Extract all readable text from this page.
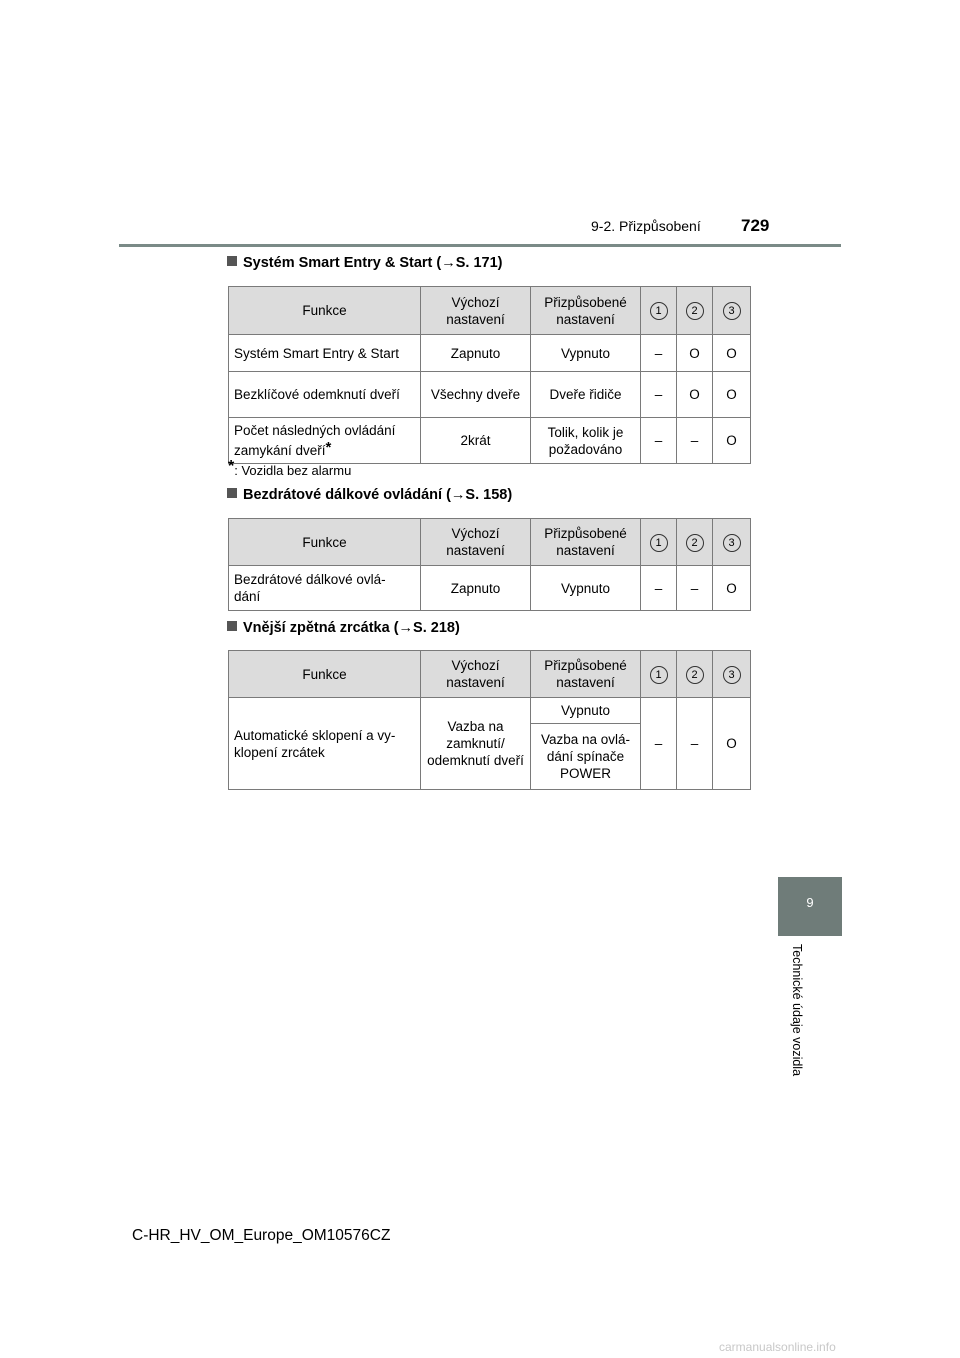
9-2. Přizpůsobení 729
9
Technické údaje vozidla
Systém Smart Entry & Start (→S. 171)
Funkce	Výchozí nastavení	Přizpůsobené nastavení	1	2	3
Systém Smart Entry & Start	Zapnuto	Vypnuto	–	O	O
Bezklíčové odemknutí dveří	Všechny dveře	Dveře řidiče	–	O	O
Počet následných ovládání zamykání dveří*	2krát	Tolik, kolik je požadováno	–	–	O
*: Vozidla bez alarmu
Bezdrátové dálkové ovládání (→S. 158)
Funkce	Výchozí nastavení	Přizpůsobené nastavení	1	2	3
Bezdrátové dálkové ovlá- dání	Zapnuto	Vypnuto	–	–	O
Vnější zpětná zrcátka (→S. 218)
Funkce	Výchozí nastavení	Přizpůsobené nastavení	1	2	3
Automatické sklopení a vy- klopení zrcátek	Vazba na zamknutí/ odemknutí dveří	Vypnuto	–	–	O
		Vazba na ovlá- dání spínače POWER			
C-HR_HV_OM_Europe_OM10576CZ
carmanualsonline.info
